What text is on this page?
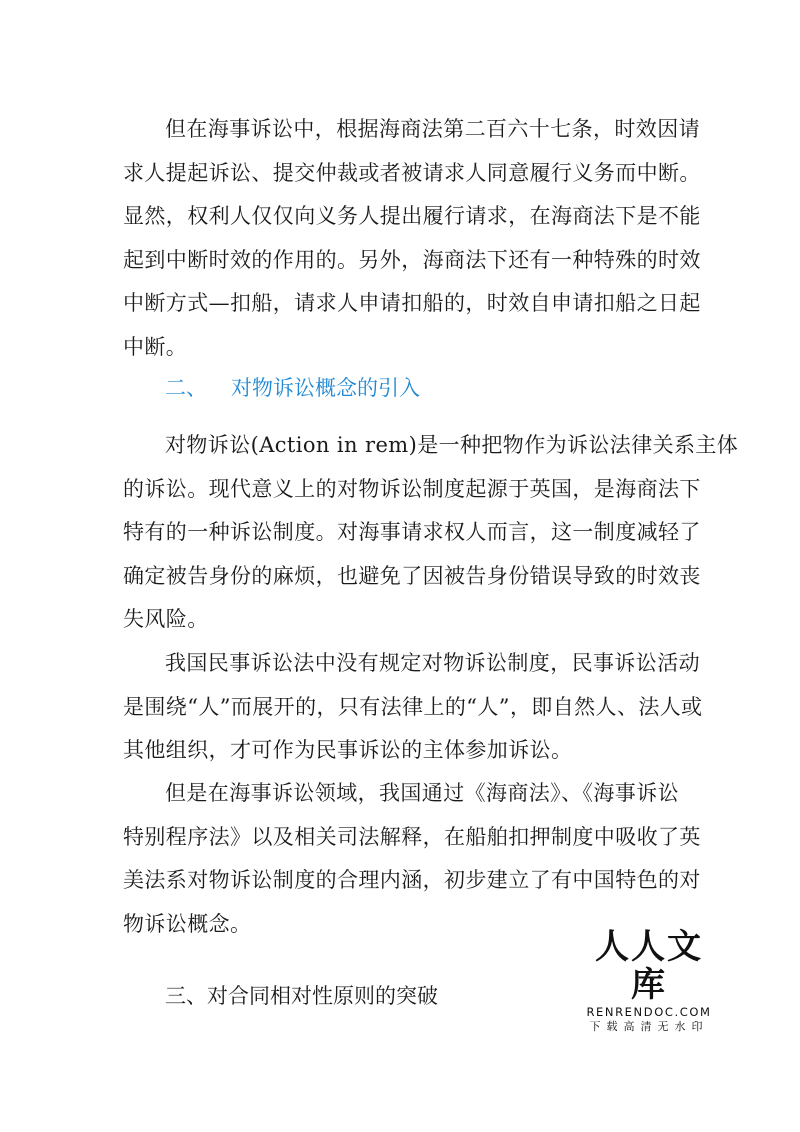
但在海事诉讼中，根据海商法第二百六十七条，时效因请
求人提起诉讼、提交仲裁或者被请求人同意履行义务而中断。
显然，权利人仅仅向义务人提出履行请求，在海商法下是不能
起到中断时效的作用的。另外，海商法下还有一种特殊的时效
中断方式—扣船，请求人申请扣船的，时效自申请扣船之日起
中断。
二、 对物诉讼概念的引入
对物诉讼(Action in rem)是一种把物作为诉讼法律关系主体
的诉讼。现代意义上的对物诉讼制度起源于英国，是海商法下
特有的一种诉讼制度。对海事请求权人而言，这一制度减轻了
确定被告身份的麻烦，也避免了因被告身份错误导致的时效丧
失风险。
我国民事诉讼法中没有规定对物诉讼制度，民事诉讼活动
是围绕“人”而展开的，只有法律上的“人”，即自然人、法人或
其他组织，才可作为民事诉讼的主体参加诉讼。
但是在海事诉讼领域，我国通过《海商法》、《海事诉讼
特别程序法》以及相关司法解释，在船舶扣押制度中吸收了英
美法系对物诉讼制度的合理内涵，初步建立了有中国特色的对
物诉讼概念。
三、对合同相对性原则的突破
人人文库
RENRENDOC.COM
下载高清无水印
